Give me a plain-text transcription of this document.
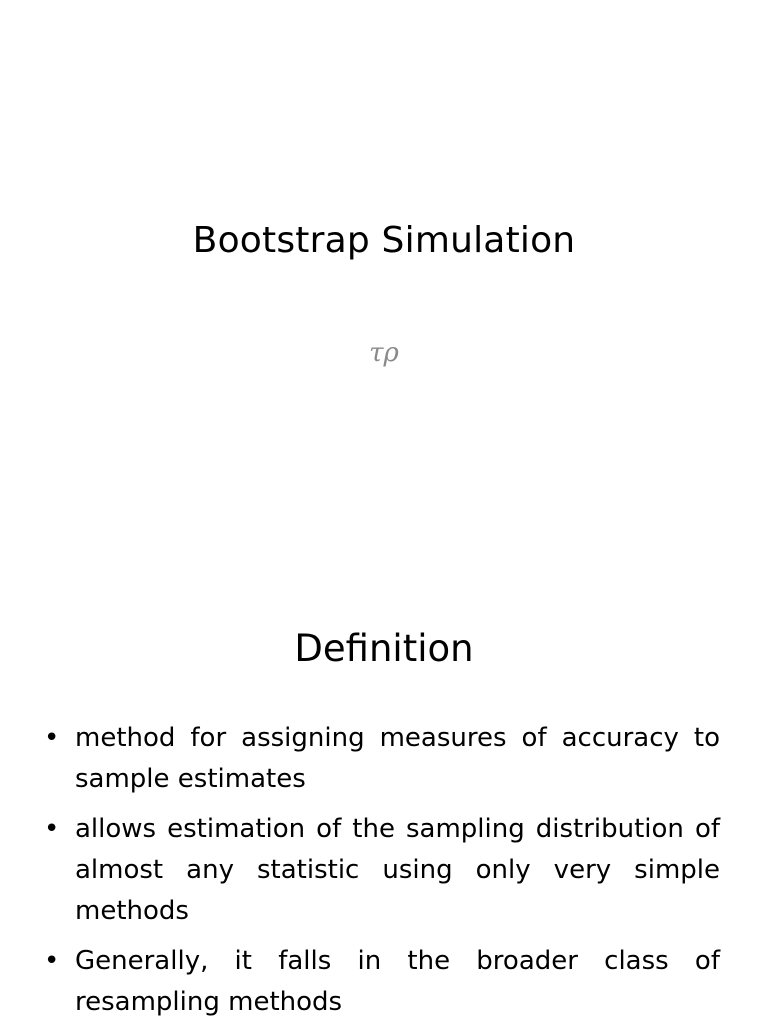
Bootstrap Simulation

τρ

Definition
• method for assigning measures of accuracy to sample estimates
• allows estimation of the sampling distribution of almost any statistic using only very simple methods
• Generally, it falls in the broader class of resampling methods
